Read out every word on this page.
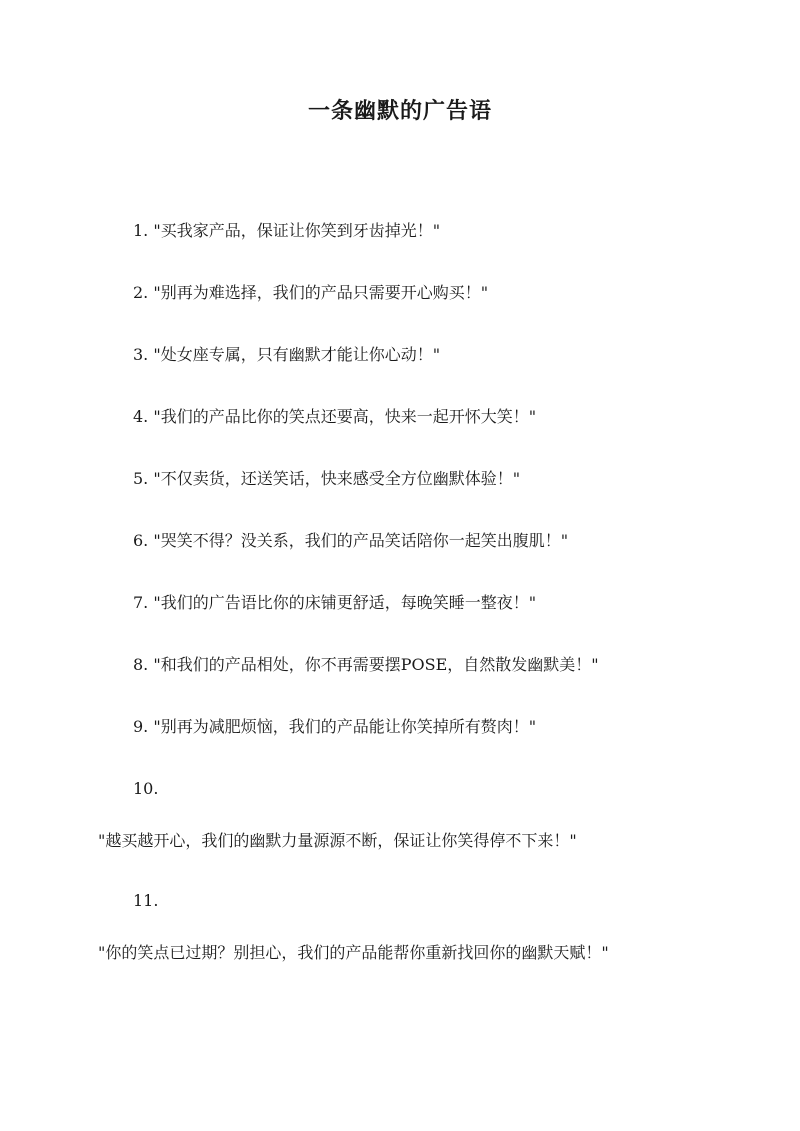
一条幽默的广告语

1. "买我家产品，保证让你笑到牙齿掉光！"

2. "别再为难选择，我们的产品只需要开心购买！"

3. "处女座专属，只有幽默才能让你心动！"

4. "我们的产品比你的笑点还要高，快来一起开怀大笑！"

5. "不仅卖货，还送笑话，快来感受全方位幽默体验！"

6. "哭笑不得？没关系，我们的产品笑话陪你一起笑出腹肌！"

7. "我们的广告语比你的床铺更舒适，每晚笑睡一整夜！"

8. "和我们的产品相处，你不再需要摆POSE，自然散发幽默美！"

9. "别再为减肥烦恼，我们的产品能让你笑掉所有赘肉！"

10.

"越买越开心，我们的幽默力量源源不断，保证让你笑得停不下来！"

11.

"你的笑点已过期？别担心，我们的产品能帮你重新找回你的幽默天赋！"
